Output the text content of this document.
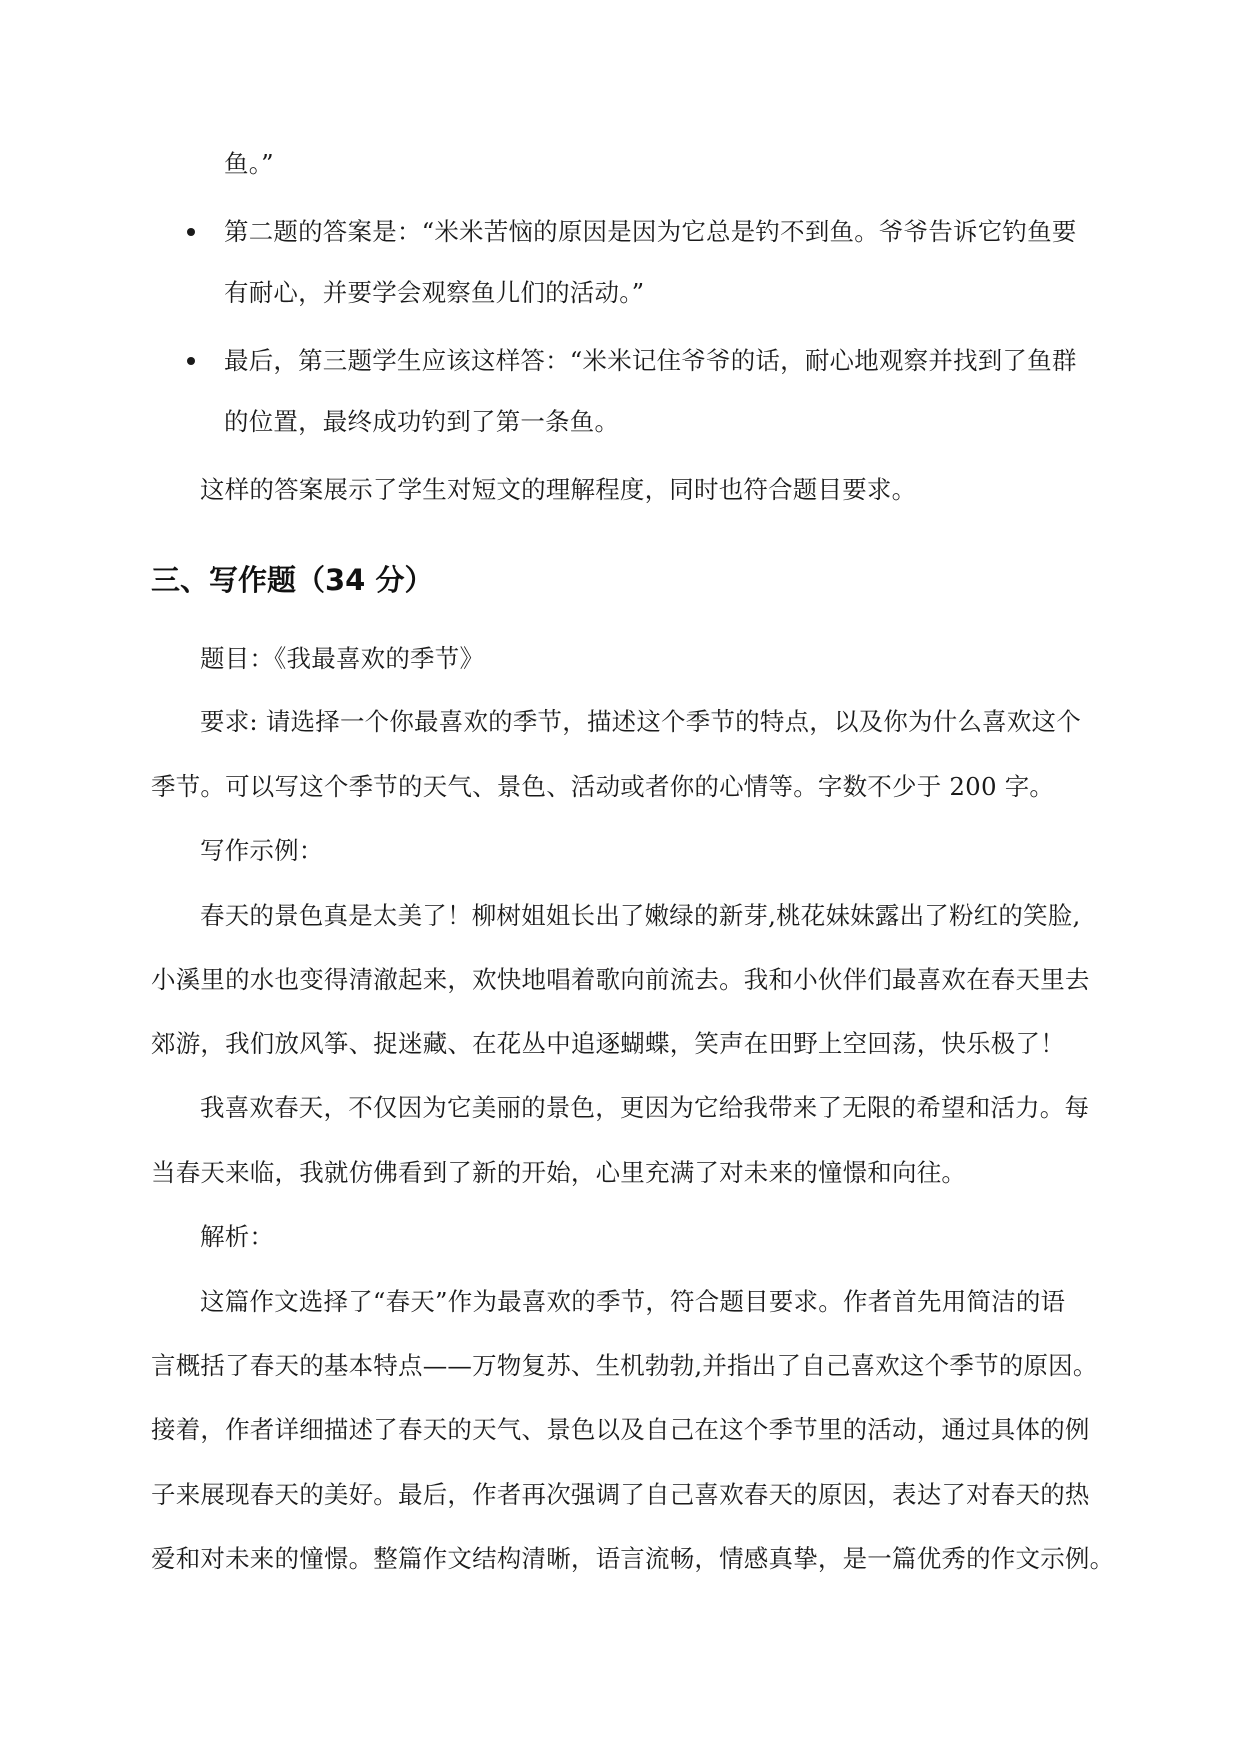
鱼。”
第二题的答案是：“米米苦恼的原因是因为它总是钓不到鱼。爷爷告诉它钓鱼要
有耐心，并要学会观察鱼儿们的活动。”
最后，第三题学生应该这样答：“米米记住爷爷的话，耐心地观察并找到了鱼群
的位置，最终成功钓到了第一条鱼。
这样的答案展示了学生对短文的理解程度，同时也符合题目要求。
三、写作题（34 分）
题目：《我最喜欢的季节》
要求: 请选择一个你最喜欢的季节，描述这个季节的特点，以及你为什么喜欢这个
季节。可以写这个季节的天气、景色、活动或者你的心情等。字数不少于 200 字。
写作示例：
春天的景色真是太美了！柳树姐姐长出了嫩绿的新芽,桃花妹妹露出了粉红的笑脸,
小溪里的水也变得清澈起来，欢快地唱着歌向前流去。我和小伙伴们最喜欢在春天里去
郊游，我们放风筝、捉迷藏、在花丛中追逐蝴蝶，笑声在田野上空回荡，快乐极了！
我喜欢春天，不仅因为它美丽的景色，更因为它给我带来了无限的希望和活力。每
当春天来临，我就仿佛看到了新的开始，心里充满了对未来的憧憬和向往。
解析：
这篇作文选择了“春天”作为最喜欢的季节，符合题目要求。作者首先用简洁的语
言概括了春天的基本特点——万物复苏、生机勃勃,并指出了自己喜欢这个季节的原因。
接着，作者详细描述了春天的天气、景色以及自己在这个季节里的活动，通过具体的例
子来展现春天的美好。最后，作者再次强调了自己喜欢春天的原因，表达了对春天的热
爱和对未来的憧憬。整篇作文结构清晰，语言流畅，情感真挚，是一篇优秀的作文示例。
